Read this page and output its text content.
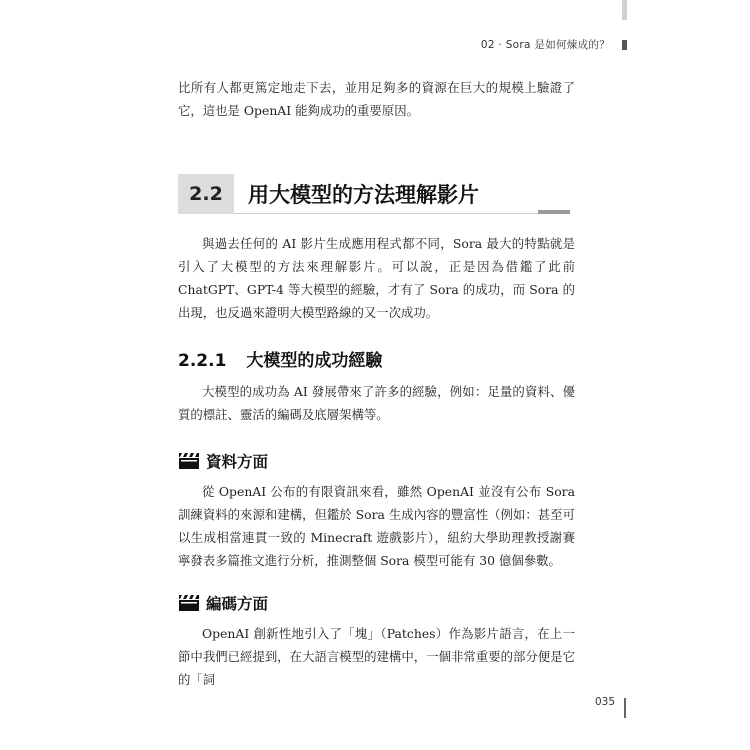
02 · Sora 是如何煉成的？

比所有人都更篤定地走下去，並用足夠多的資源在巨大的規模上驗證了它，這也是 OpenAI 能夠成功的重要原因。

2.2	用大模型的方法理解影片

與過去任何的 AI 影片生成應用程式都不同，Sora 最大的特點就是引入了大模型的方法來理解影片。可以說，正是因為借鑑了此前 ChatGPT、GPT-4 等大模型的經驗，才有了 Sora 的成功，而 Sora 的出現，也反過來證明大模型路線的又一次成功。

2.2.1 大模型的成功經驗

大模型的成功為 AI 發展帶來了許多的經驗，例如：足量的資料、優質的標註、靈活的編碼及底層架構等。

資料方面

從 OpenAI 公布的有限資訊來看，雖然 OpenAI 並沒有公布 Sora 訓練資料的來源和建構，但鑑於 Sora 生成內容的豐富性（例如：甚至可以生成相當連貫一致的 Minecraft 遊戲影片），紐約大學助理教授謝賽寧發表多篇推文進行分析，推測整個 Sora 模型可能有 30 億個參數。

編碼方面

OpenAI 創新性地引入了「塊」（Patches）作為影片語言，在上一節中我們已經提到，在大語言模型的建構中，一個非常重要的部分便是它的「詞

035
